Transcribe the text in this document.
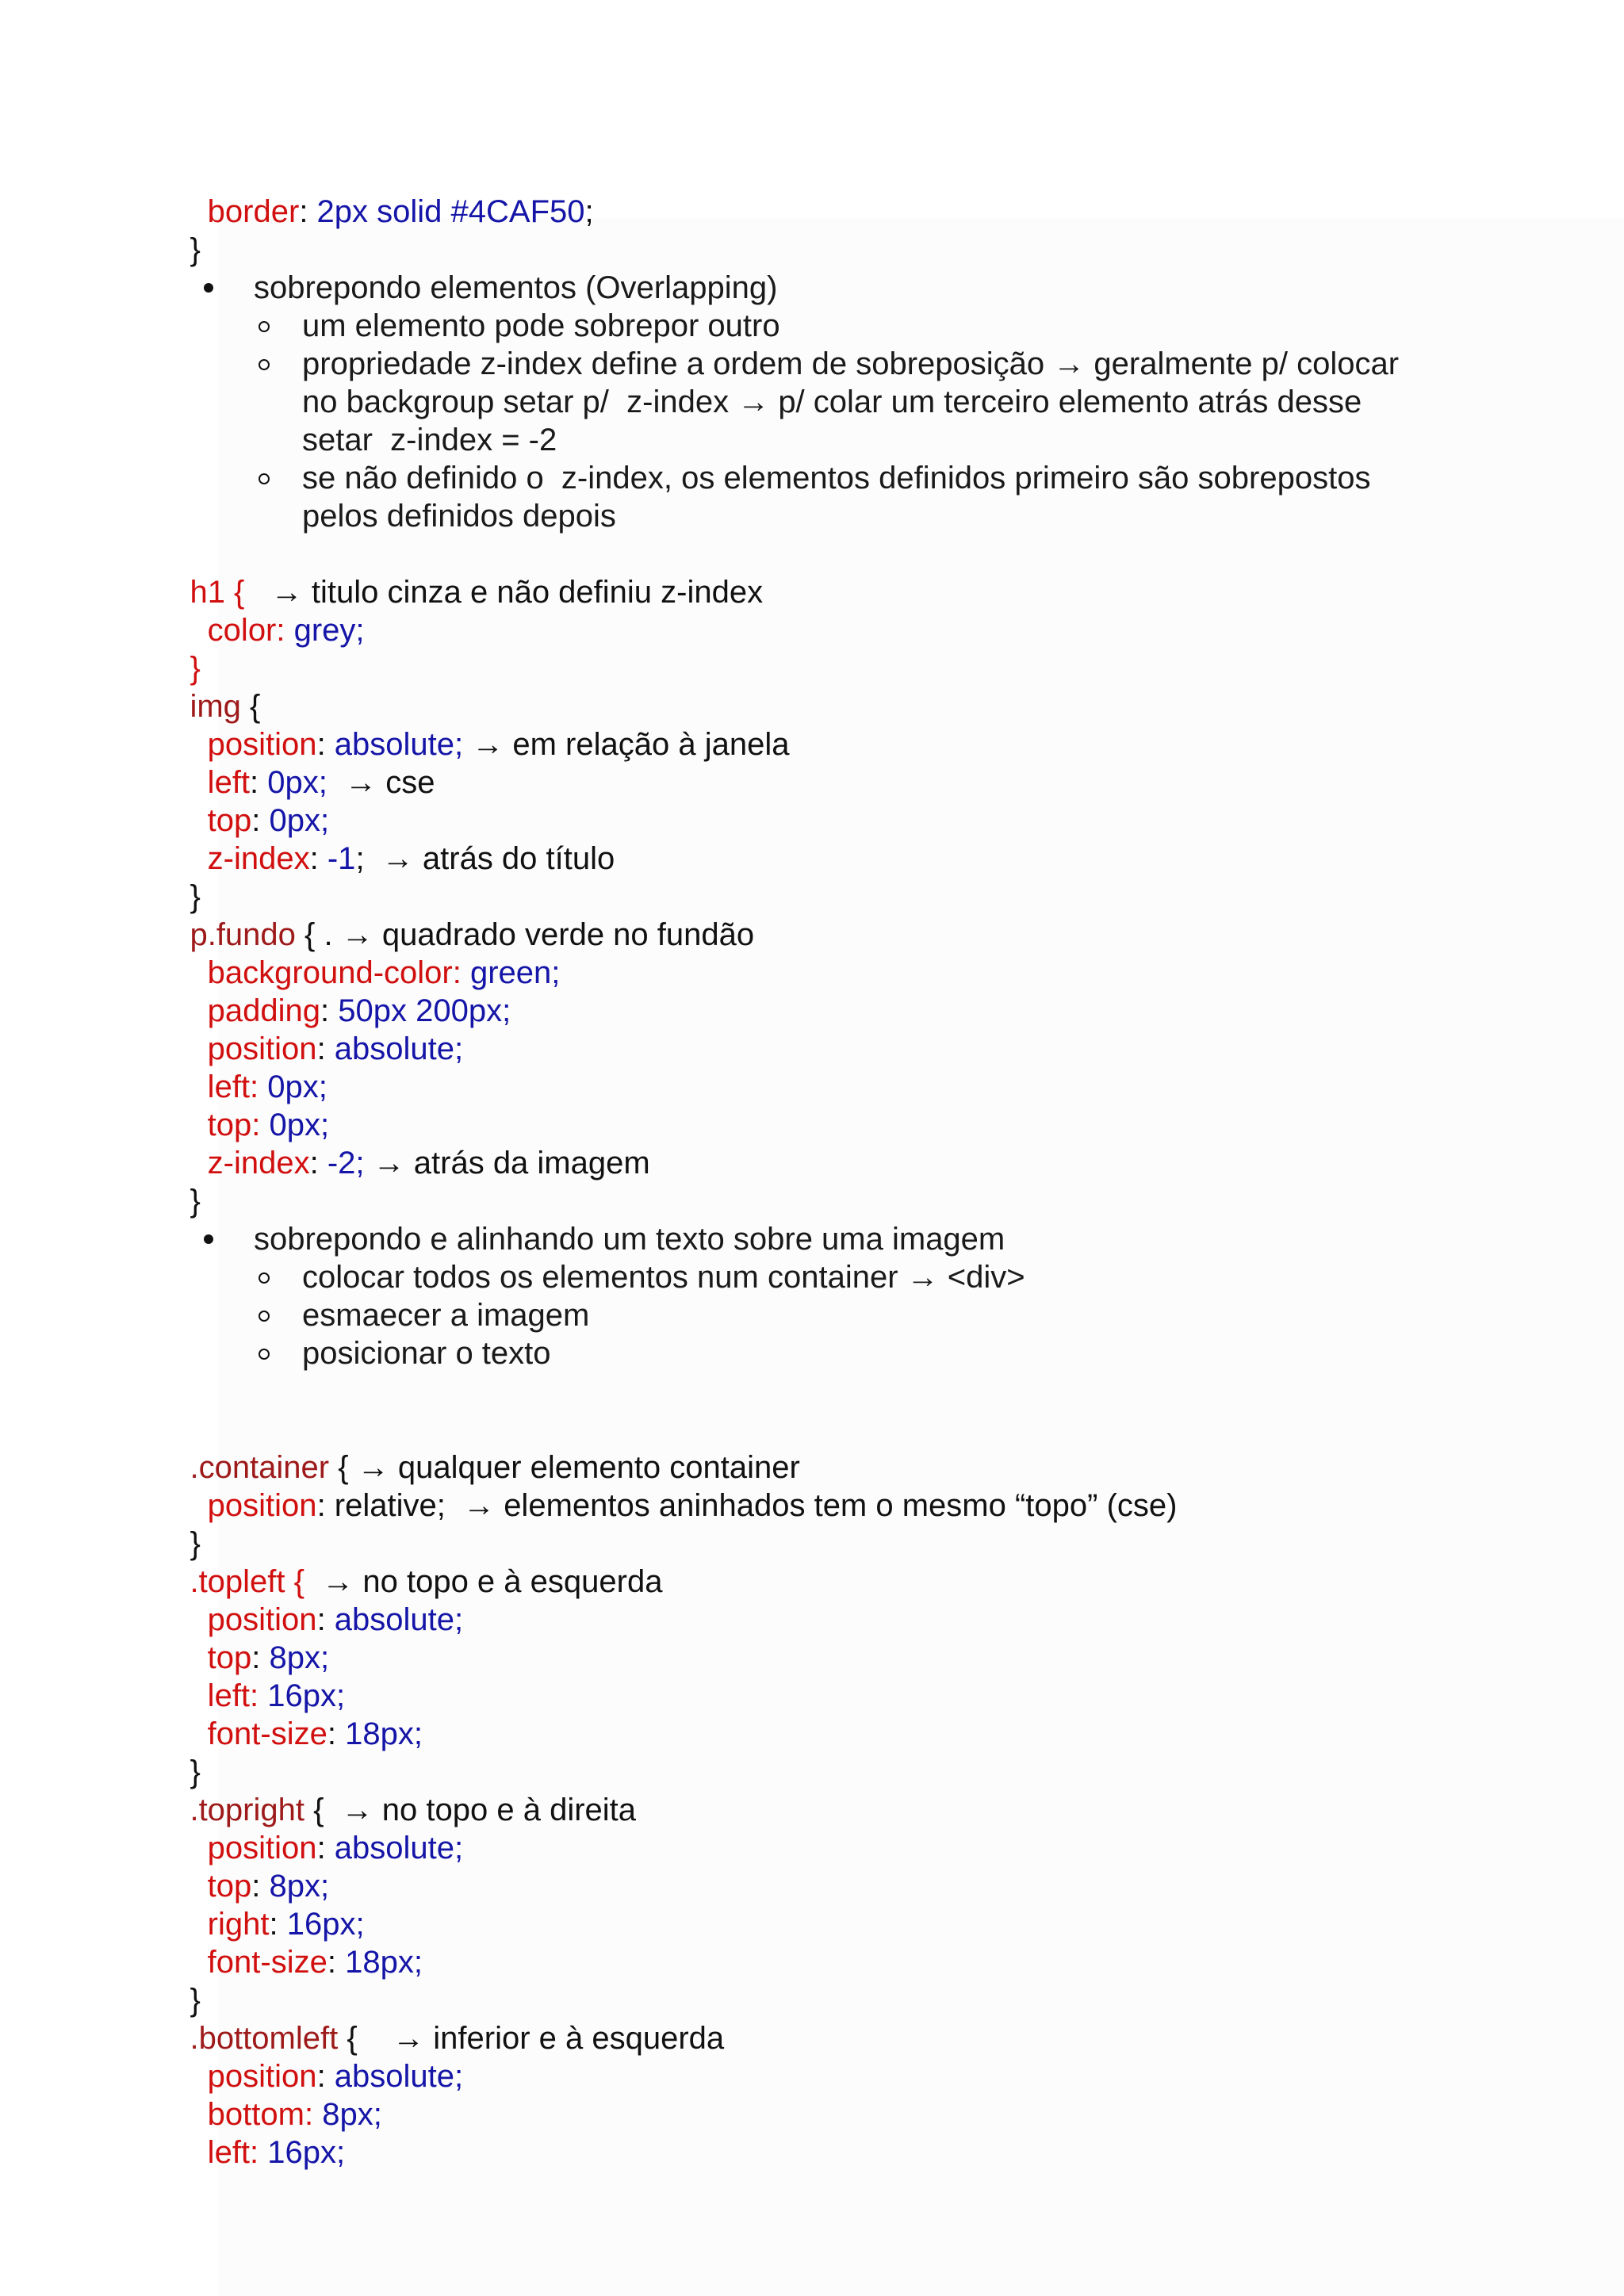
border: 2px solid #4CAF50;

}

sobrepondo elementos (Overlapping)
um elemento pode sobrepor outro
propriedade z-index define a ordem de sobreposição → geralmente p/ colocar
no backgroup setar p/  z-index → p/ colar um terceiro elemento atrás desse
setar  z-index = -2
se não definido o  z-index, os elementos definidos primeiro são sobrepostos
pelos definidos depois

h1 {   → titulo cinza e não definiu z-index

color: grey;

}

img {

position: absolute; → em relação à janela

left: 0px;  → cse

top: 0px;

z-index: -1;  → atrás do título

}

p.fundo { . → quadrado verde no fundão

background-color: green;

padding: 50px 200px;

position: absolute;

left: 0px;

top: 0px;

z-index: -2; → atrás da imagem

}

sobrepondo e alinhando um texto sobre uma imagem
colocar todos os elementos num container → <div>
esmaecer a imagem
posicionar o texto

.container { → qualquer elemento container

position: relative;  → elementos aninhados tem o mesmo “topo” (cse)

}

.topleft {  → no topo e à esquerda

position: absolute;

top: 8px;

left: 16px;

font-size: 18px;

}

.topright {  → no topo e à direita

position: absolute;

top: 8px;

right: 16px;

font-size: 18px;

}

.bottomleft {    → inferior e à esquerda

position: absolute;

bottom: 8px;

left: 16px;
